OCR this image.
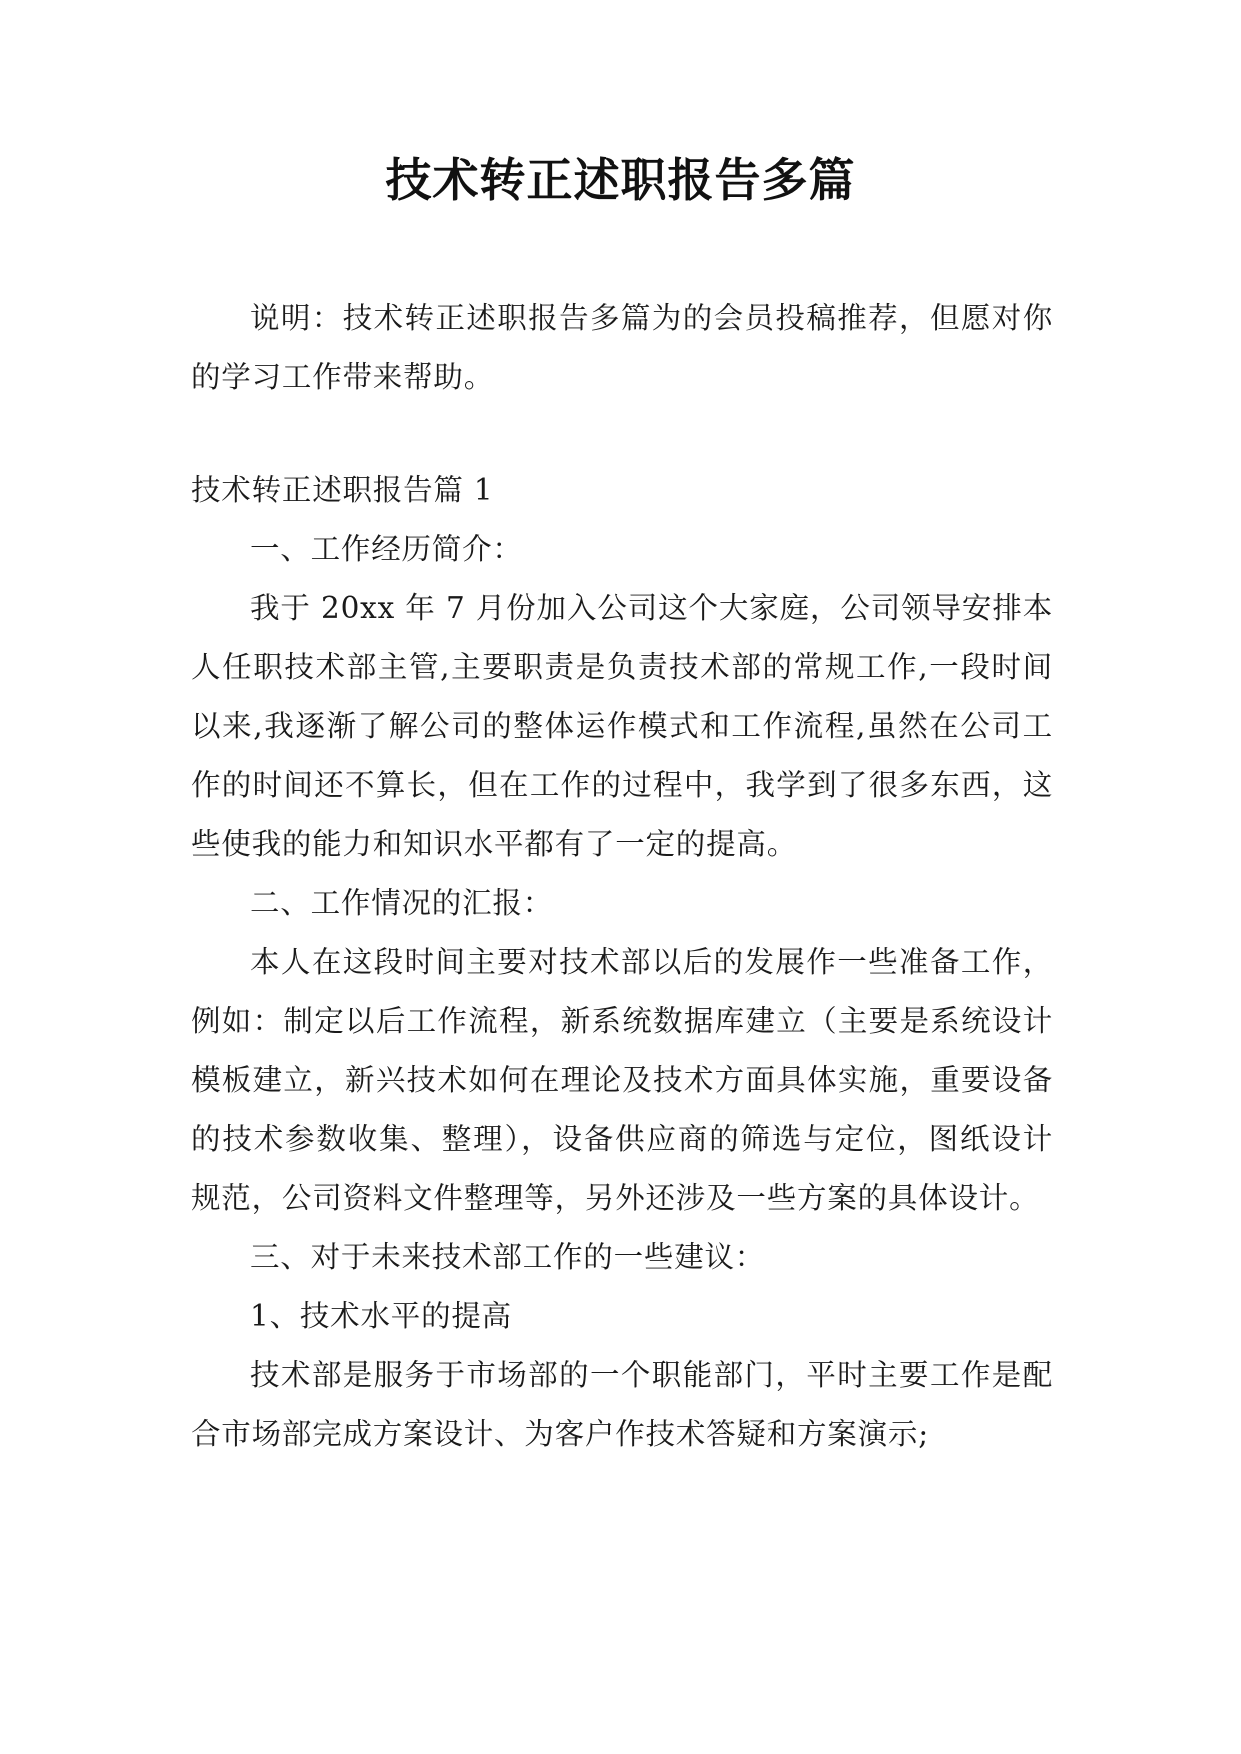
技术转正述职报告多篇

说明：技术转正述职报告多篇为的会员投稿推荐，但愿对你的学习工作带来帮助。

技术转正述职报告篇 1

一、工作经历简介：

我于 20xx 年 7 月份加入公司这个大家庭，公司领导安排本人任职技术部主管,主要职责是负责技术部的常规工作,一段时间以来,我逐渐了解公司的整体运作模式和工作流程,虽然在公司工作的时间还不算长，但在工作的过程中，我学到了很多东西，这些使我的能力和知识水平都有了一定的提高。

二、工作情况的汇报：

本人在这段时间主要对技术部以后的发展作一些准备工作，例如：制定以后工作流程，新系统数据库建立（主要是系统设计模板建立，新兴技术如何在理论及技术方面具体实施，重要设备的技术参数收集、整理），设备供应商的筛选与定位，图纸设计规范，公司资料文件整理等，另外还涉及一些方案的具体设计。

三、对于未来技术部工作的一些建议：

1、技术水平的提高

技术部是服务于市场部的一个职能部门，平时主要工作是配合市场部完成方案设计、为客户作技术答疑和方案演示;
